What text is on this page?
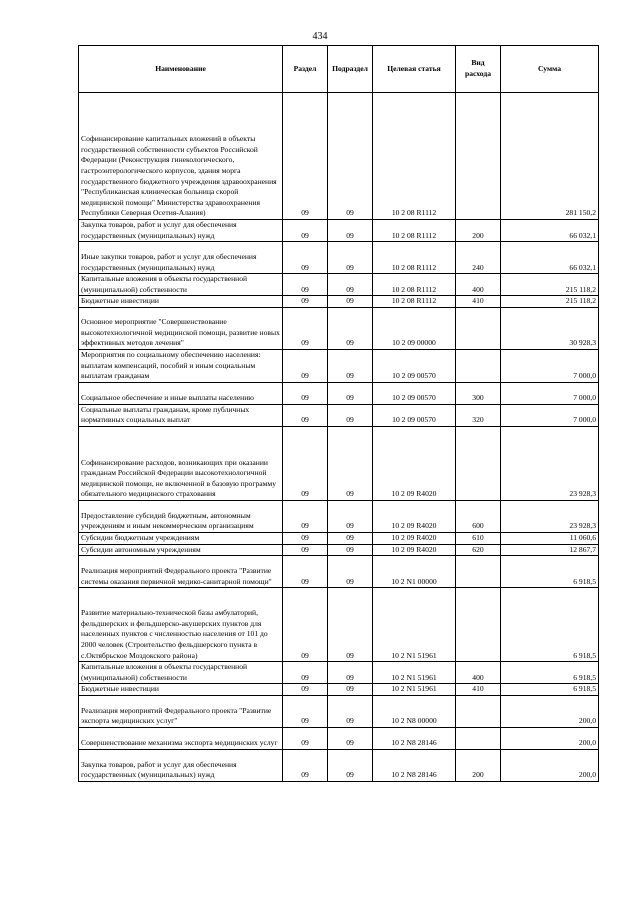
434
Наименование	Раздел	Подраздел	Целевая статья	Вид расхода	Сумма
Софинансирование капитальных вложений в объекты государственной собственности субъектов Российской Федерации (Реконструкция гинекологического, гастроэнтерологического корпусов, здания морга государственного бюджетного учреждения здравоохранения "Республиканская клиническая больница скорой медицинской помощи" Министерства здравоохранения Республики Северная Осетия-Алания)	09	09	10 2 08 R1112		281 150,2
Закупка товаров, работ и услуг для обеспечения государственных (муниципальных) нужд	09	09	10 2 08 R1112	200	66 032,1
Иные закупки товаров, работ и услуг для обеспечения государственных (муниципальных) нужд	09	09	10 2 08 R1112	240	66 032,1
Капитальные вложения в объекты государственной (муниципальной) собственности	09	09	10 2 08 R1112	400	215 118,2
Бюджетные инвестиции	09	09	10 2 08 R1112	410	215 118,2
Основное мероприятие "Совершенствование высокотехнологичной медицинской помощи, развитие новых эффективных методов лечения"	09	09	10 2 09 00000		30 928,3
Мероприятия по социальному обеспечению населения: выплатам компенсаций, пособий и иным социальным выплатам гражданам	09	09	10 2 09 00570		7 000,0
Социальное обеспечение и иные выплаты населению	09	09	10 2 09 00570	300	7 000,0
Социальные выплаты гражданам, кроме публичных нормативных социальных выплат	09	09	10 2 09 00570	320	7 000,0
Софинансирование расходов, возникающих при оказании гражданам Российской Федерации высокотехнологичной медицинской помощи, не включенной в базовую программу обязательного медицинского страхования	09	09	10 2 09 R4020		23 928,3
Предоставление субсидий бюджетным, автономным учреждениям и иным некоммерческим организациям	09	09	10 2 09 R4020	600	23 928,3
Субсидии бюджетным учреждениям	09	09	10 2 09 R4020	610	11 060,6
Субсидии автономным учреждениям	09	09	10 2 09 R4020	620	12 867,7
Реализация мероприятий Федерального проекта "Развитие системы оказания первичной медико-санитарной помощи"	09	09	10 2 N1 00000		6 918,5
Развитие материально-технической базы амбулаторий, фельдшерских и фельдшерско-акушерских пунктов для населенных пунктов с численностью населения от 101 до 2000 человек (Строительство фельдшерского пункта в с.Октябрьское Моздокского района)	09	09	10 2 N1 51961		6 918,5
Капитальные вложения в объекты государственной (муниципальной) собственности	09	09	10 2 N1 51961	400	6 918,5
Бюджетные инвестиции	09	09	10 2 N1 51961	410	6 918,5
Реализация мероприятий Федерального проекта "Развитие экспорта медицинских услуг"	09	09	10 2 N8 00000		200,0
Совершенствование механизма экспорта медицинских услуг	09	09	10 2 N8 28146		200,0
Закупка товаров, работ и услуг для обеспечения государственных (муниципальных) нужд	09	09	10 2 N8 28146	200	200,0
